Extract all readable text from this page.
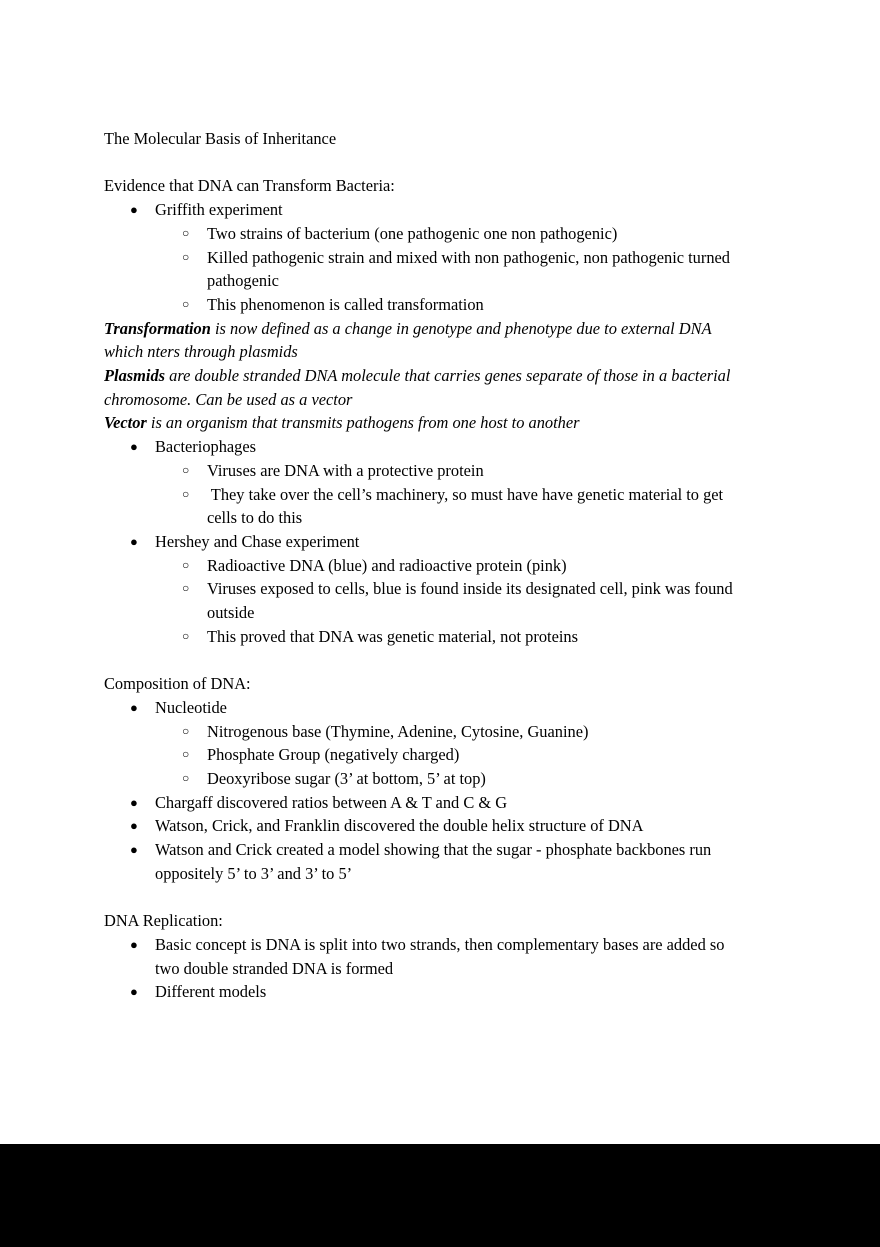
The Molecular Basis of Inheritance

Evidence that DNA can Transform Bacteria:

● Griffith experiment

○ Two strains of bacterium (one pathogenic one non pathogenic)

○ Killed pathogenic strain and mixed with non pathogenic, non pathogenic turned

pathogenic

○ This phenomenon is called transformation

Transformation is now defined as a change in genotype and phenotype due to external DNA

which nters through plasmids

Plasmids are double stranded DNA molecule that carries genes separate of those in a bacterial

chromosome. Can be used as a vector

Vector is an organism that transmits pathogens from one host to another

● Bacteriophages

○ Viruses are DNA with a protective protein

○ They take over the cell’s machinery, so must have have genetic material to get

cells to do this

● Hershey and Chase experiment

○ Radioactive DNA (blue) and radioactive protein (pink)

○ Viruses exposed to cells, blue is found inside its designated cell, pink was found

outside

○ This proved that DNA was genetic material, not proteins

Composition of DNA:

● Nucleotide

○ Nitrogenous base (Thymine, Adenine, Cytosine, Guanine)

○ Phosphate Group (negatively charged)

○ Deoxyribose sugar (3’ at bottom, 5’ at top)

● Chargaff discovered ratios between A & T and C & G

● Watson, Crick, and Franklin discovered the double helix structure of DNA

● Watson and Crick created a model showing that the sugar - phosphate backbones run

oppositely 5’ to 3’ and 3’ to 5’

DNA Replication:

● Basic concept is DNA is split into two strands, then complementary bases are added so

two double stranded DNA is formed

● Different models
